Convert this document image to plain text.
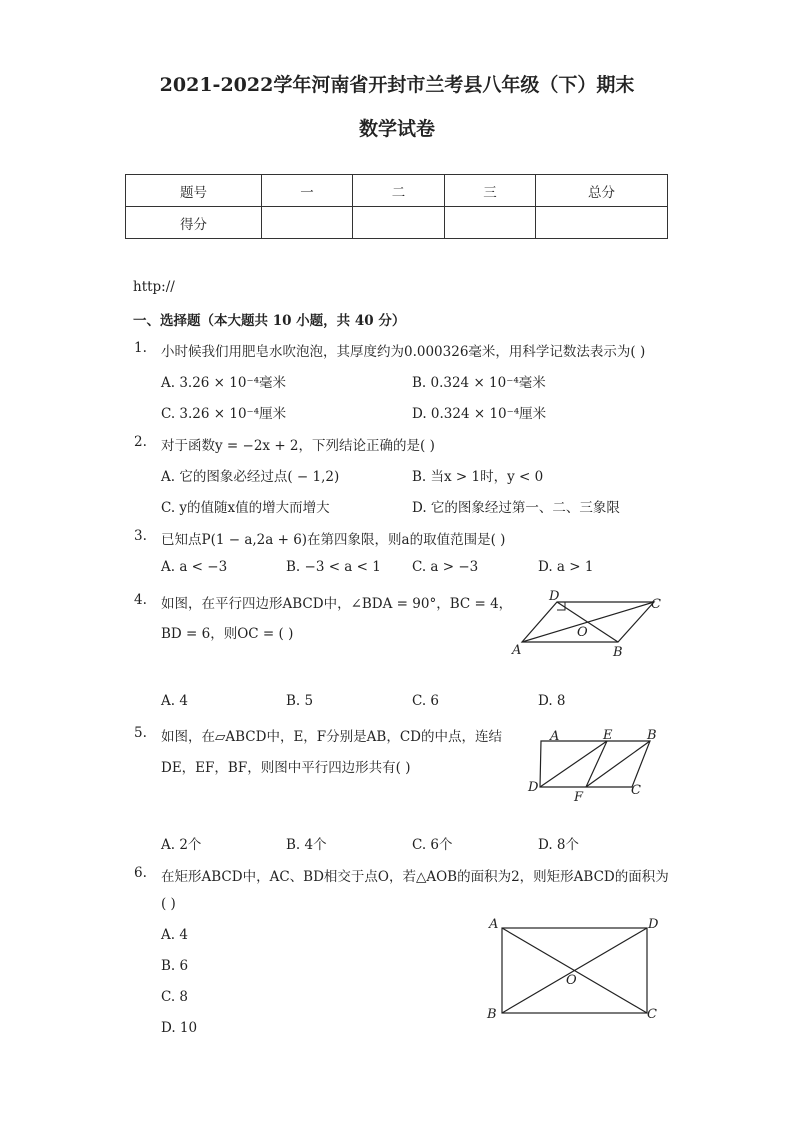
2021-2022学年河南省开封市兰考县八年级（下）期末
数学试卷
题号	一	二	三	总分
得分				
http://
一、选择题（本大题共 10 小题，共 40 分）
1. 小时候我们用肥皂水吹泡泡，其厚度约为0.000326毫米，用科学记数法表示为( )
A. 3.26 × 10⁻⁴毫米	B. 0.324 × 10⁻⁴毫米
C. 3.26 × 10⁻⁴厘米	D. 0.324 × 10⁻⁴厘米
2. 对于函数y = −2x + 2，下列结论正确的是( )
A. 它的图象必经过点( − 1,2)	B. 当x > 1时，y < 0
C. y的值随x值的增大而增大	D. 它的图象经过第一、二、三象限
3. 已知点P(1 − a,2a + 6)在第四象限，则a的取值范围是( )
A. a < −3	B. −3 < a < 1 C. a > −3	D. a > 1
4. 如图，在平行四边形ABCD中，∠BDA = 90°，BC = 4，
BD = 6，则OC = ( )
D
C
O
A	B
A. 4	B. 5	C. 6	D. 8
5. 如图，在▱ABCD中，E，F分别是AB，CD的中点，连结
DE，EF，BF，则图中平行四边形共有( )
A	E	B
D
F	C
A. 2个	B. 4个	C. 6个	D. 8个
6. 在矩形ABCD中，AC、BD相交于点O，若△AOB的面积为2，则矩形ABCD的面积为
( )
A. 4
B. 6
C. 8
D. 10
A	D
O
B	C
